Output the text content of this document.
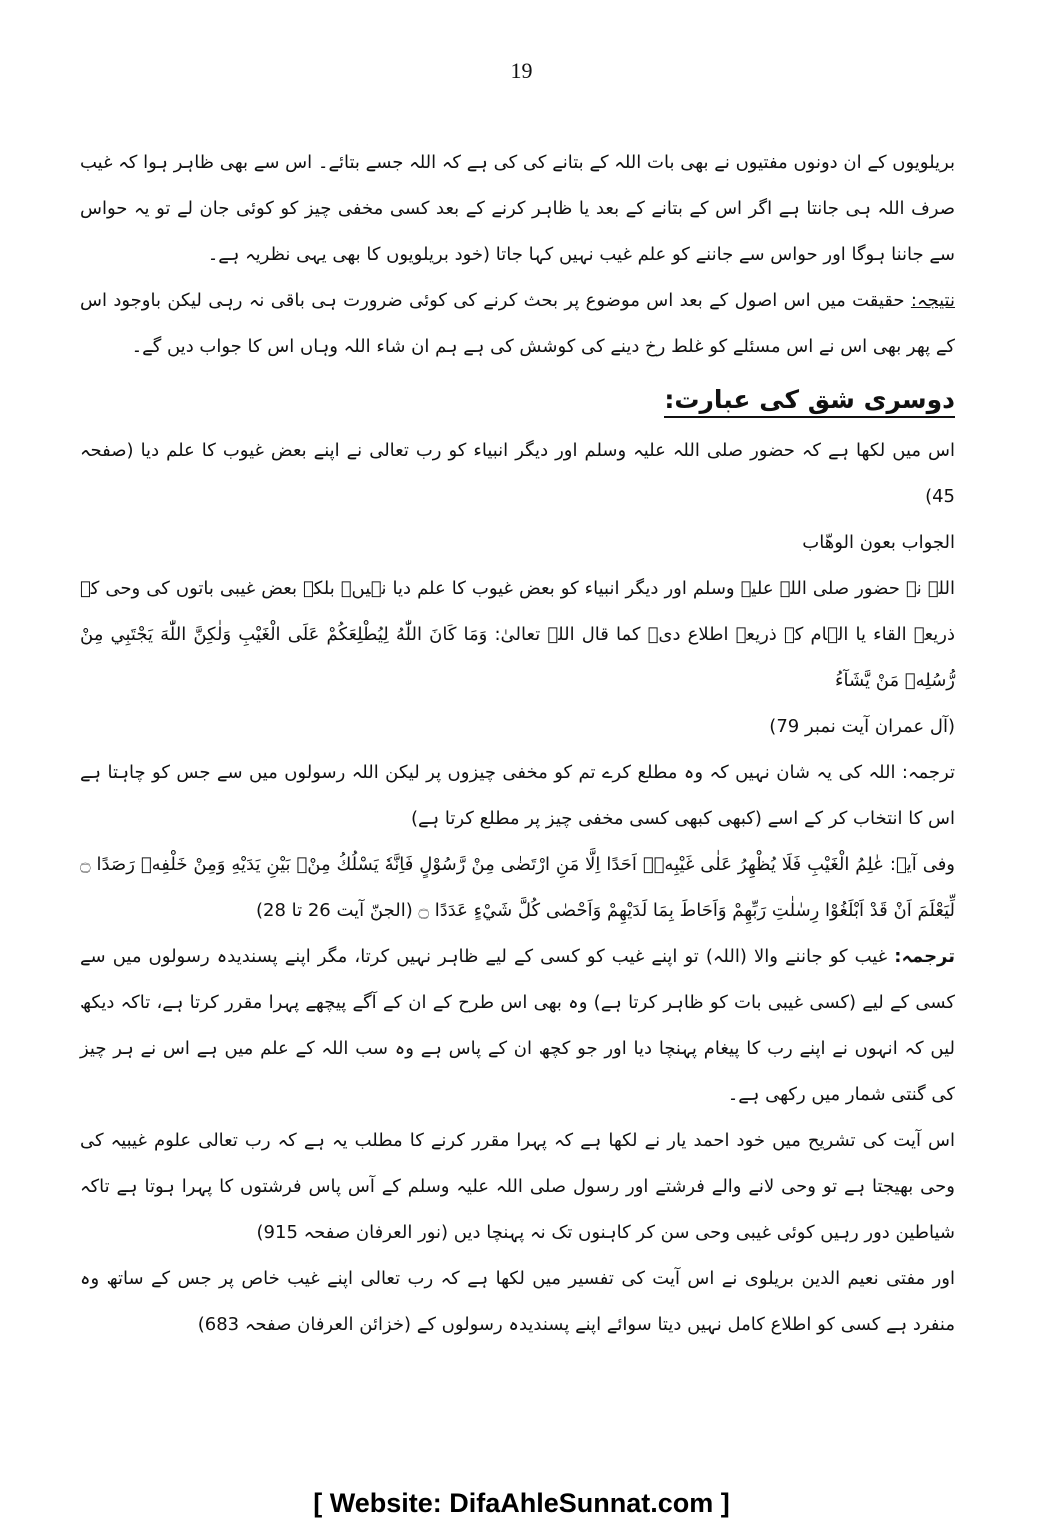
19

بریلویوں کے ان دونوں مفتیوں نے بھی بات اللہ کے بتانے کی کی ہے کہ اللہ جسے بتائے۔ اس سے بھی ظاہر ہوا کہ غیب صرف اللہ ہی جانتا ہے اگر اس کے بتانے کے بعد یا ظاہر کرنے کے بعد کسی مخفی چیز کو کوئی جان لے تو یہ حواس سے جاننا ہوگا اور حواس سے جاننے کو علم غیب نہیں کہا جاتا (خود بریلویوں کا بھی یہی نظریہ ہے۔

نتیجہ: حقیقت میں اس اصول کے بعد اس موضوع پر بحث کرنے کی کوئی ضرورت ہی باقی نہ رہی لیکن باوجود اس کے پھر بھی اس نے اس مسئلے کو غلط رخ دینے کی کوشش کی ہے ہم ان شاء اللہ وہاں اس کا جواب دیں گے۔

دوسری شق کی عبارت:

اس میں لکھا ہے کہ حضور صلی اللہ علیہ وسلم اور دیگر انبیاء کو رب تعالی نے اپنے بعض غیوب کا علم دیا (صفحہ 45)

الجواب بعون الوھّاب

اللہ نے حضور صلی اللہ علیہ وسلم اور دیگر انبیاء کو بعض غیوب کا علم دیا نہیں۔ بلکہ بعض غیبی باتوں کی وحی کے ذریعے القاء یا الہام کے ذریعے اطلاع دی۔ کما قال اللہ تعالیٰ: وَمَا كَانَ اللّٰهُ لِيُطْلِعَكُمْ عَلَى الْغَيْبِ وَلٰكِنَّ اللّٰهَ يَجْتَبِي مِنْ رُّسُلِهٖ مَنْ يَّشَآءُ

(آل عمران آیت نمبر 79)

ترجمہ: اللہ کی یہ شان نہیں کہ وہ مطلع کرے تم کو مخفی چیزوں پر لیکن اللہ رسولوں میں سے جس کو چاہتا ہے اس کا انتخاب کر کے اسے (کبھی کبھی کسی مخفی چیز پر مطلع کرتا ہے)

وفی آیۃ: عٰلِمُ الْغَيْبِ فَلَا يُظْهِرُ عَلٰى غَيْبِهٖۤ اَحَدًا اِلَّا مَنِ ارْتَضٰى مِنْ رَّسُوْلٍ فَاِنَّهٗ يَسْلُكُ مِنْۢ بَيْنِ يَدَيْهِ وَمِنْ خَلْفِهٖ رَصَدًا ۝ لِّيَعْلَمَ اَنْ قَدْ اَبْلَغُوْا رِسٰلٰتِ رَبِّهِمْ وَاَحَاطَ بِمَا لَدَيْهِمْ وَاَحْصٰى كُلَّ شَيْءٍ عَدَدًا ۝ (الجنّ آیت 26 تا 28)

ترجمہ: غیب کو جاننے والا (اللہ) تو اپنے غیب کو کسی کے لیے ظاہر نہیں کرتا، مگر اپنے پسندیدہ رسولوں میں سے کسی کے لیے (کسی غیبی بات کو ظاہر کرتا ہے) وہ بھی اس طرح کے ان کے آگے پیچھے پہرا مقرر کرتا ہے، تاکہ دیکھ لیں کہ انہوں نے اپنے رب کا پیغام پہنچا دیا اور جو کچھ ان کے پاس ہے وہ سب اللہ کے علم میں ہے اس نے ہر چیز کی گنتی شمار میں رکھی ہے۔

اس آیت کی تشریح میں خود احمد یار نے لکھا ہے کہ پہرا مقرر کرنے کا مطلب یہ ہے کہ رب تعالی علوم غیبیہ کی وحی بھیجتا ہے تو وحی لانے والے فرشتے اور رسول صلی اللہ علیہ وسلم کے آس پاس فرشتوں کا پہرا ہوتا ہے تاکہ شیاطین دور رہیں کوئی غیبی وحی سن کر کاہنوں تک نہ پہنچا دیں (نور العرفان صفحہ 915)

اور مفتی نعیم الدین بریلوی نے اس آیت کی تفسیر میں لکھا ہے کہ رب تعالی اپنے غیب خاص پر جس کے ساتھ وہ منفرد ہے کسی کو اطلاع کامل نہیں دیتا سوائے اپنے پسندیدہ رسولوں کے (خزائن العرفان صفحہ 683)

[ Website: DifaAhleSunnat.com ]
